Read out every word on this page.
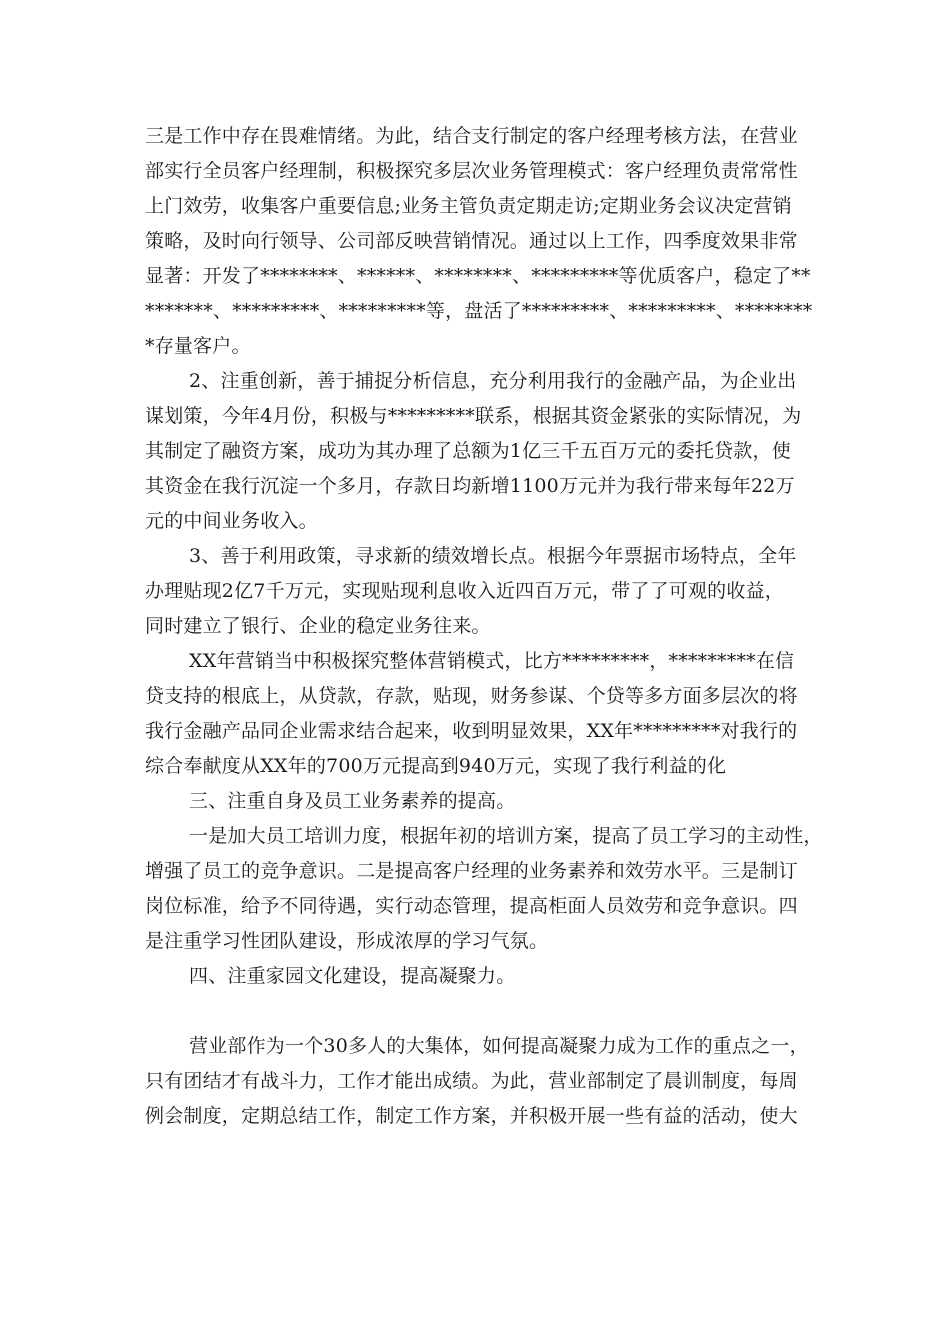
三是工作中存在畏难情绪。为此，结合支行制定的客户经理考核方法，在营业
部实行全员客户经理制，积极探究多层次业务管理模式：客户经理负责常常性
上门效劳，收集客户重要信息;业务主管负责定期走访;定期业务会议决定营销
策略，及时向行领导、公司部反映营销情况。通过以上工作，四季度效果非常
显著：开发了********、******、********、*********等优质客户，稳定了**
*******、*********、*********等，盘活了*********、*********、********
*存量客户。
2、注重创新，善于捕捉分析信息，充分利用我行的金融产品，为企业出
谋划策，今年4月份，积极与*********联系，根据其资金紧张的实际情况，为
其制定了融资方案，成功为其办理了总额为1亿三千五百万元的委托贷款，使
其资金在我行沉淀一个多月，存款日均新增1100万元并为我行带来每年22万
元的中间业务收入。
3、善于利用政策，寻求新的绩效增长点。根据今年票据市场特点，全年
办理贴现2亿7千万元，实现贴现利息收入近四百万元，带了了可观的收益，
同时建立了银行、企业的稳定业务往来。
XX年营销当中积极探究整体营销模式，比方*********，*********在信
贷支持的根底上，从贷款，存款，贴现，财务参谋、个贷等多方面多层次的将
我行金融产品同企业需求结合起来，收到明显效果，XX年*********对我行的
综合奉献度从XX年的700万元提高到940万元，实现了我行利益的化
三、注重自身及员工业务素养的提高。
一是加大员工培训力度，根据年初的培训方案，提高了员工学习的主动性，
增强了员工的竞争意识。二是提高客户经理的业务素养和效劳水平。三是制订
岗位标准，给予不同待遇，实行动态管理，提高柜面人员效劳和竞争意识。四
是注重学习性团队建设，形成浓厚的学习气氛。
四、注重家园文化建设，提高凝聚力。
营业部作为一个30多人的大集体，如何提高凝聚力成为工作的重点之一，
只有团结才有战斗力，工作才能出成绩。为此，营业部制定了晨训制度，每周
例会制度，定期总结工作，制定工作方案，并积极开展一些有益的活动，使大
